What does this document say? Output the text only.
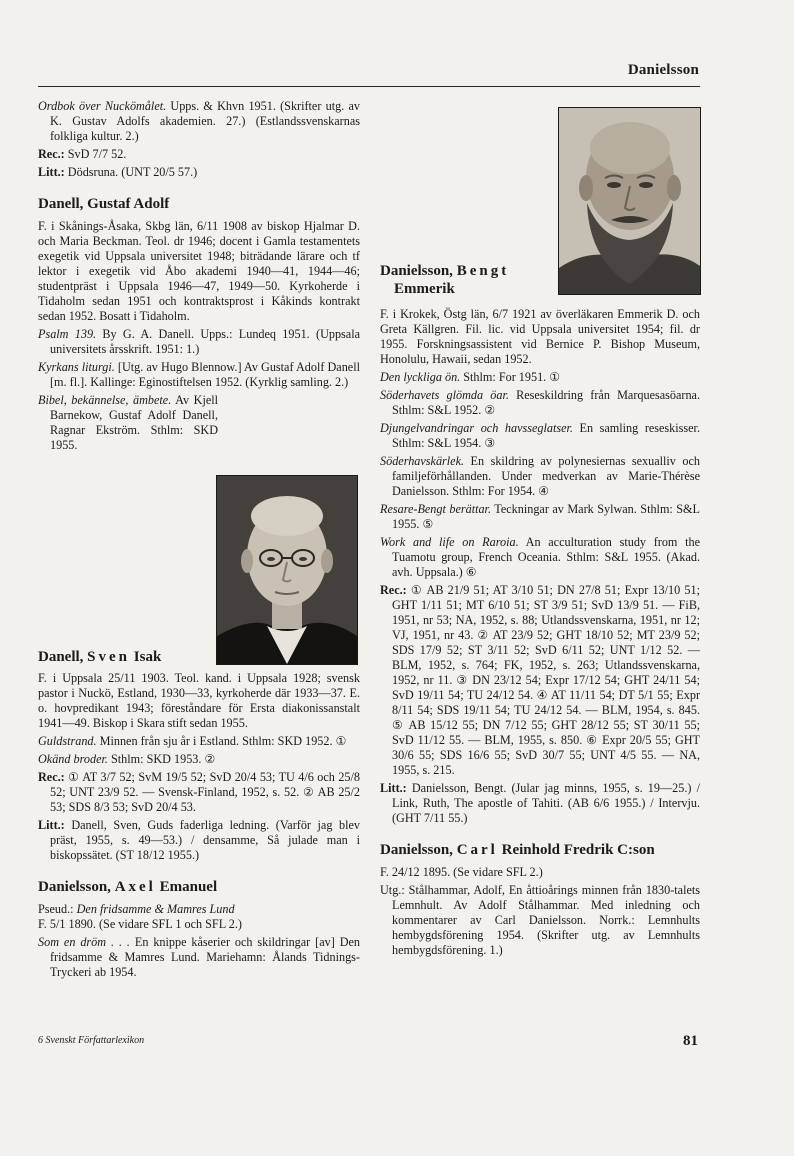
Danielsson

Ordbok över Nuckömålet. Upps. & Khvn 1951. (Skrifter utg. av K. Gustav Adolfs akademien. 27.) (Estlandssvenskarnas folkliga kultur. 2.)

Rec.: SvD 7/7 52.

Litt.: Dödsruna. (UNT 20/5 57.)

Danell, Gustaf Adolf

F. i Skånings-Åsaka, Skbg län, 6/11 1908 av biskop Hjalmar D. och Maria Beckman. Teol. dr 1946; docent i Gamla testamentets exegetik vid Uppsala universitet 1948; biträdande lärare och tf lektor i exegetik vid Åbo akademi 1940—41, 1944—46; studentpräst i Uppsala 1946—47, 1949—50. Kyrkoherde i Tidaholm sedan 1951 och kontraktsprost i Kåkinds kontrakt sedan 1952. Bosatt i Tidaholm.

Psalm 139. By G. A. Danell. Upps.: Lundeq 1951. (Uppsala universitets årsskrift. 1951: 1.)

Kyrkans liturgi. [Utg. av Hugo Blennow.] Av Gustaf Adolf Danell [m. fl.]. Kallinge: Eginostiftelsen 1952. (Kyrklig samling. 2.)

Bibel, bekännelse, ämbete. Av Kjell Barnekow, Gustaf Adolf Danell, Ragnar Ekström. Sthlm: SKD 1955.

Danell, Sven Isak

F. i Uppsala 25/11 1903. Teol. kand. i Uppsala 1928; svensk pastor i Nuckö, Estland, 1930—33, kyrkoherde där 1933—37. E. o. hovpredikant 1943; föreståndare för Ersta diakonissanstalt 1941—49. Biskop i Skara stift sedan 1955.

Guldstrand. Minnen från sju år i Estland. Sthlm: SKD 1952. ①

Okänd broder. Sthlm: SKD 1953. ②

Rec.: ① AT 3/7 52; SvM 19/5 52; SvD 20/4 53; TU 4/6 och 25/8 52; UNT 23/9 52. — Svensk-Finland, 1952, s. 52. ② AB 25/2 53; SDS 8/3 53; SvD 20/4 53.

Litt.: Danell, Sven, Guds faderliga ledning. (Varför jag blev präst, 1955, s. 49—53.) / densamme, Så julade man i biskopssätet. (ST 18/12 1955.)

Danielsson, Axel Emanuel

Pseud.: Den fridsamme & Mamres Lund

F. 5/1 1890. (Se vidare SFL 1 och SFL 2.)

Som en dröm . . . En knippe kåserier och skildringar [av] Den fridsamme & Mamres Lund. Mariehamn: Ålands Tidnings-Tryckeri ab 1954.

Danielsson, Bengt
Emmerik

F. i Krokek, Östg län, 6/7 1921 av överläkaren Emmerik D. och Greta Källgren. Fil. lic. vid Uppsala universitet 1954; fil. dr 1955. Forskningsassistent vid Bernice P. Bishop Museum, Honolulu, Hawaii, sedan 1952.

Den lyckliga ön. Sthlm: For 1951. ①

Söderhavets glömda öar. Reseskildring från Marquesasöarna. Sthlm: S&L 1952. ②

Djungelvandringar och havsseglatser. En samling reseskisser. Sthlm: S&L 1954. ③

Söderhavskärlek. En skildring av polynesiernas sexualliv och familjeförhållanden. Under medverkan av Marie-Thérèse Danielsson. Sthlm: For 1954. ④

Resare-Bengt berättar. Teckningar av Mark Sylwan. Sthlm: S&L 1955. ⑤

Work and life on Raroia. An acculturation study from the Tuamotu group, French Oceania. Sthlm: S&L 1955. (Akad. avh. Uppsala.) ⑥

Rec.: ① AB 21/9 51; AT 3/10 51; DN 27/8 51; Expr 13/10 51; GHT 1/11 51; MT 6/10 51; ST 3/9 51; SvD 13/9 51. — FiB, 1951, nr 53; NA, 1952, s. 88; Utlandssvenskarna, 1951, nr 12; VJ, 1951, nr 43. ② AT 23/9 52; GHT 18/10 52; MT 23/9 52; SDS 17/9 52; ST 3/11 52; SvD 6/11 52; UNT 1/12 52. — BLM, 1952, s. 764; FK, 1952, s. 263; Utlandssvenskarna, 1952, nr 11. ③ DN 23/12 54; Expr 17/12 54; GHT 24/11 54; SvD 19/11 54; TU 24/12 54. ④ AT 11/11 54; DT 5/1 55; Expr 8/11 54; SDS 19/11 54; TU 24/12 54. — BLM, 1954, s. 845. ⑤ AB 15/12 55; DN 7/12 55; GHT 28/12 55; ST 30/11 55; SvD 11/12 55. — BLM, 1955, s. 850. ⑥ Expr 20/5 55; GHT 30/6 55; SDS 16/6 55; SvD 30/7 55; UNT 4/5 55. — NA, 1955, s. 215.

Litt.: Danielsson, Bengt. (Jular jag minns, 1955, s. 19—25.) / Link, Ruth, The apostle of Tahiti. (AB 6/6 1955.) / Intervju. (GHT 7/11 55.)

Danielsson, Carl Reinhold Fredrik C:son

F. 24/12 1895. (Se vidare SFL 2.)

Utg.: Stålhammar, Adolf, En åttioårings minnen från 1830-talets Lemnhult. Av Adolf Stålhammar. Med inledning och kommentarer av Carl Danielsson. Norrk.: Lemnhults hembygdsförening 1954. (Skrifter utg. av Lemnhults hembygdsförening. 1.)

6 Svenskt Författarlexikon	81
